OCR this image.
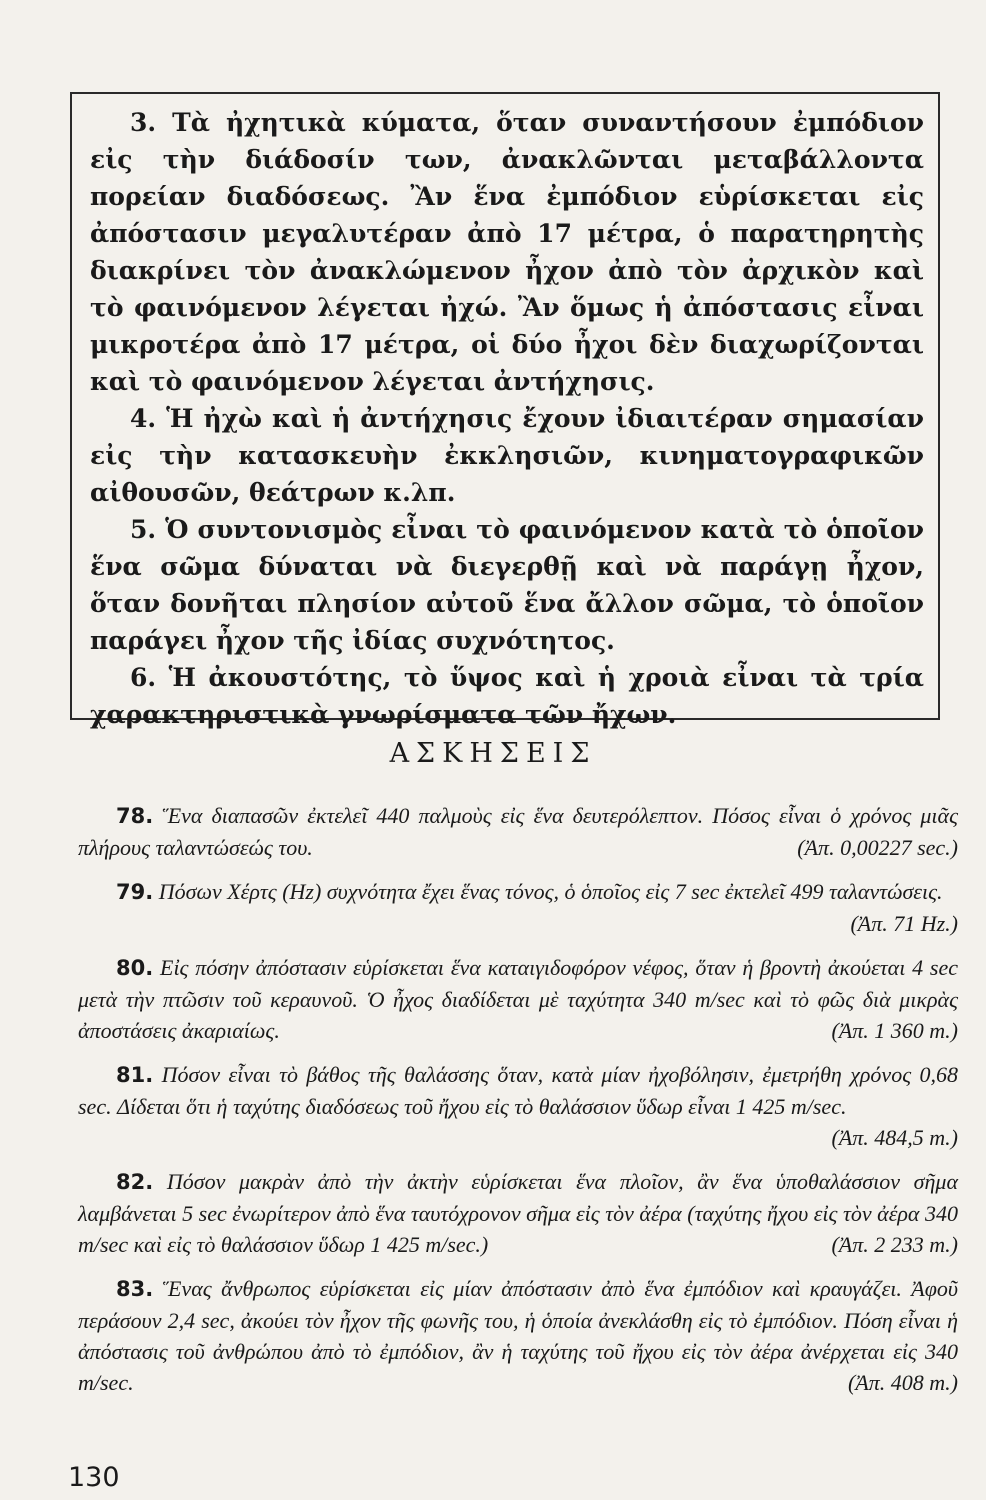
3. Τὰ ἠχητικὰ κύματα, ὅταν συναντήσουν ἐμπόδιον εἰς τὴν διάδοσίν των, ἀνακλῶνται μεταβάλλοντα πορείαν διαδόσεως. Ἂν ἕνα ἐμπόδιον εὑρίσκεται εἰς ἀπόστασιν μεγαλυτέραν ἀπὸ 17 μέτρα, ὁ παρατηρητὴς διακρίνει τὸν ἀνακλώμενον ἦχον ἀπὸ τὸν ἀρχικὸν καὶ τὸ φαινόμενον λέγεται ἠχώ. Ἂν ὅμως ἡ ἀπόστασις εἶναι μικροτέρα ἀπὸ 17 μέτρα, οἱ δύο ἦχοι δὲν διαχωρίζονται καὶ τὸ φαινόμενον λέγεται ἀντήχησις.

4. Ἡ ἠχὼ καὶ ἡ ἀντήχησις ἔχουν ἰδιαιτέραν σημασίαν εἰς τὴν κατασκευὴν ἐκκλησιῶν, κινηματογραφικῶν αἰθουσῶν, θεάτρων κ.λπ.

5. Ὁ συντονισμὸς εἶναι τὸ φαινόμενον κατὰ τὸ ὁποῖον ἕνα σῶμα δύναται νὰ διεγερθῇ καὶ νὰ παράγῃ ἦχον, ὅταν δονῆται πλησίον αὐτοῦ ἕνα ἄλλον σῶμα, τὸ ὁποῖον παράγει ἦχον τῆς ἰδίας συχνότητος.

6. Ἡ ἀκουστότης, τὸ ὕψος καὶ ἡ χροιὰ εἶναι τὰ τρία χαρακτηριστικὰ γνωρίσματα τῶν ἤχων.

ΑΣΚΗΣΕΙΣ

78. Ἕνα διαπασῶν ἐκτελεῖ 440 παλμοὺς εἰς ἕνα δευτερόλεπτον. Πόσος εἶναι ὁ χρόνος μιᾶς πλήρους ταλαντώσεώς του.	(Ἀπ. 0,00227 sec.)

79. Πόσων Χέρτς (Hz) συχνότητα ἔχει ἕνας τόνος, ὁ ὁποῖος εἰς 7 sec ἐκτελεῖ 499 ταλαντώσεις.
(Ἀπ. 71 Hz.)

80. Εἰς πόσην ἀπόστασιν εὑρίσκεται ἕνα καταιγιδοφόρον νέφος, ὅταν ἡ βροντὴ ἀκούεται 4 sec μετὰ τὴν πτῶσιν τοῦ κεραυνοῦ. Ὁ ἦχος διαδίδεται μὲ ταχύτητα 340 m/sec καὶ τὸ φῶς διὰ μικρὰς ἀποστάσεις ἀκαριαίως.	(Ἀπ. 1 360 m.)

81. Πόσον εἶναι τὸ βάθος τῆς θαλάσσης ὅταν, κατὰ μίαν ἠχοβόλησιν, ἐμετρήθη χρόνος 0,68 sec. Δίδεται ὅτι ἡ ταχύτης διαδόσεως τοῦ ἤχου εἰς τὸ θαλάσσιον ὕδωρ εἶναι 1 425 m/sec.
(Ἀπ. 484,5 m.)

82. Πόσον μακρὰν ἀπὸ τὴν ἀκτὴν εὑρίσκεται ἕνα πλοῖον, ἂν ἕνα ὑποθαλάσσιον σῆμα λαμβάνεται 5 sec ἐνωρίτερον ἀπὸ ἕνα ταυτόχρονον σῆμα εἰς τὸν ἀέρα (ταχύτης ἤχου εἰς τὸν ἀέρα 340 m/sec καὶ εἰς τὸ θαλάσσιον ὕδωρ 1 425 m/sec.)	(Ἀπ. 2 233 m.)

83. Ἕνας ἄνθρωπος εὑρίσκεται εἰς μίαν ἀπόστασιν ἀπὸ ἕνα ἐμπόδιον καὶ κραυγάζει. Ἀφοῦ περάσουν 2,4 sec, ἀκούει τὸν ἦχον τῆς φωνῆς του, ἡ ὁποία ἀνεκλάσθη εἰς τὸ ἐμπόδιον. Πόση εἶναι ἡ ἀπόστασις τοῦ ἀνθρώπου ἀπὸ τὸ ἐμπόδιον, ἂν ἡ ταχύτης τοῦ ἤχου εἰς τὸν ἀέρα ἀνέρχεται εἰς 340 m/sec.	(Ἀπ. 408 m.)

130
